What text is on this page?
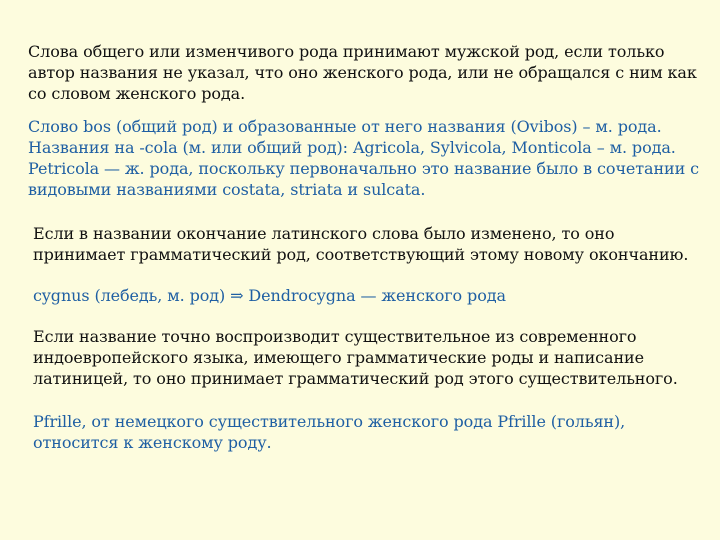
Слова общего или изменчивого рода принимают мужской род, если только
автор названия не указал, что оно женского рода, или не обращался с ним как
со словом женского рода.

Слово bos (общий род) и образованные от него названия (Ovibos) – м. рода.
Названия на -cola (м. или общий род): Agricola, Sylvicola, Monticola – м. рода.
Petricola — ж. рода, поскольку первоначально это название было в сочетании с
видовыми названиями costata, striata и sulcata.

Если в названии окончание латинского слова было изменено, то оно
принимает грамматический род, соответствующий этому новому окончанию.

cygnus (лебедь, м. род) ⇒ Dendrocygna — женского рода

Если название точно воспроизводит существительное из современного
индоевропейского языка, имеющего грамматические роды и написание
латиницей, то оно принимает грамматический род этого существительного.

Pfrille, от немецкого существительного женского рода Pfrille (гольян),
относится к женскому роду.
